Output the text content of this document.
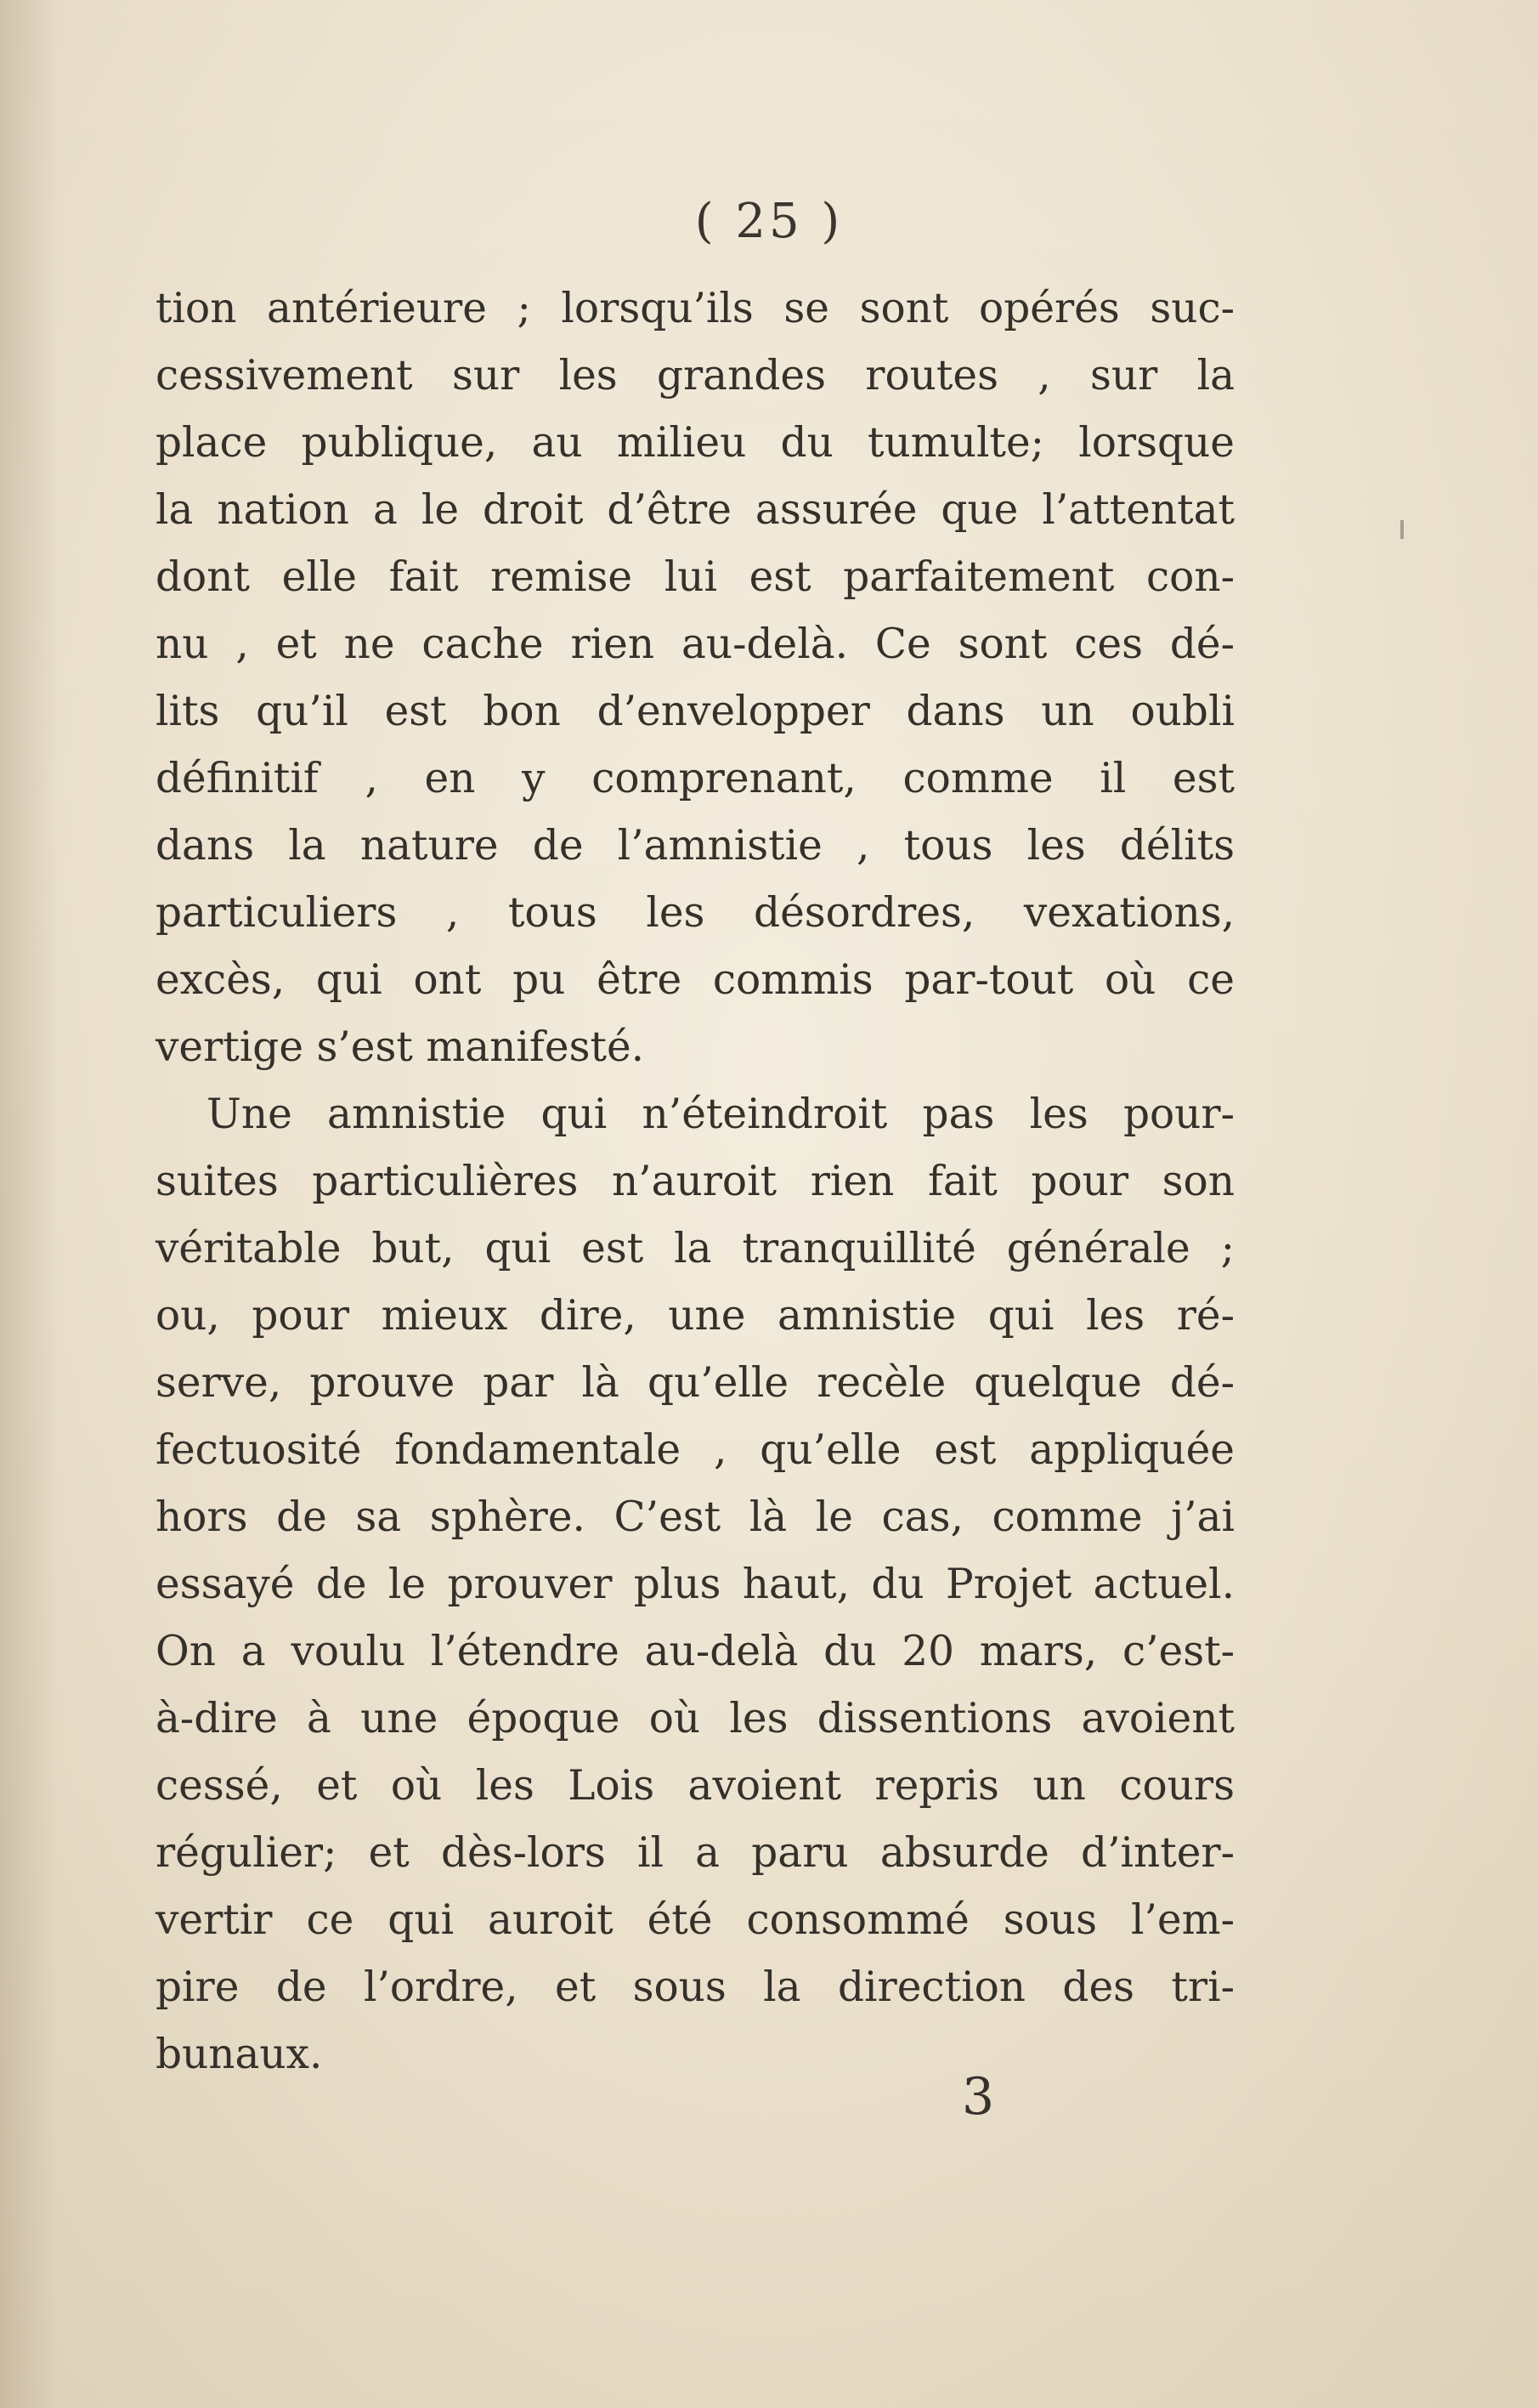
( 25 )
tion antérieure ; lorsqu’ils se sont opérés suc-
cessivement sur les grandes routes , sur la
place publique, au milieu du tumulte; lorsque
la nation a le droit d’être assurée que l’attentat
dont elle fait remise lui est parfaitement con-
nu , et ne cache rien au-delà. Ce sont ces dé-
lits qu’il est bon d’envelopper dans un oubli
définitif , en y comprenant, comme il est
dans la nature de l’amnistie , tous les délits
particuliers , tous les désordres, vexations,
excès, qui ont pu être commis par-tout où ce
vertige s’est manifesté.
Une amnistie qui n’éteindroit pas les pour-
suites particulières n’auroit rien fait pour son
véritable but, qui est la tranquillité générale ;
ou, pour mieux dire, une amnistie qui les ré-
serve, prouve par là qu’elle recèle quelque dé-
fectuosité fondamentale , qu’elle est appliquée
hors de sa sphère. C’est là le cas, comme j’ai
essayé de le prouver plus haut, du Projet actuel.
On a voulu l’étendre au-delà du 20 mars, c’est-
à-dire à une époque où les dissentions avoient
cessé, et où les Lois avoient repris un cours
régulier; et dès-lors il a paru absurde d’inter-
vertir ce qui auroit été consommé sous l’em-
pire de l’ordre, et sous la direction des tri-
bunaux.
3
